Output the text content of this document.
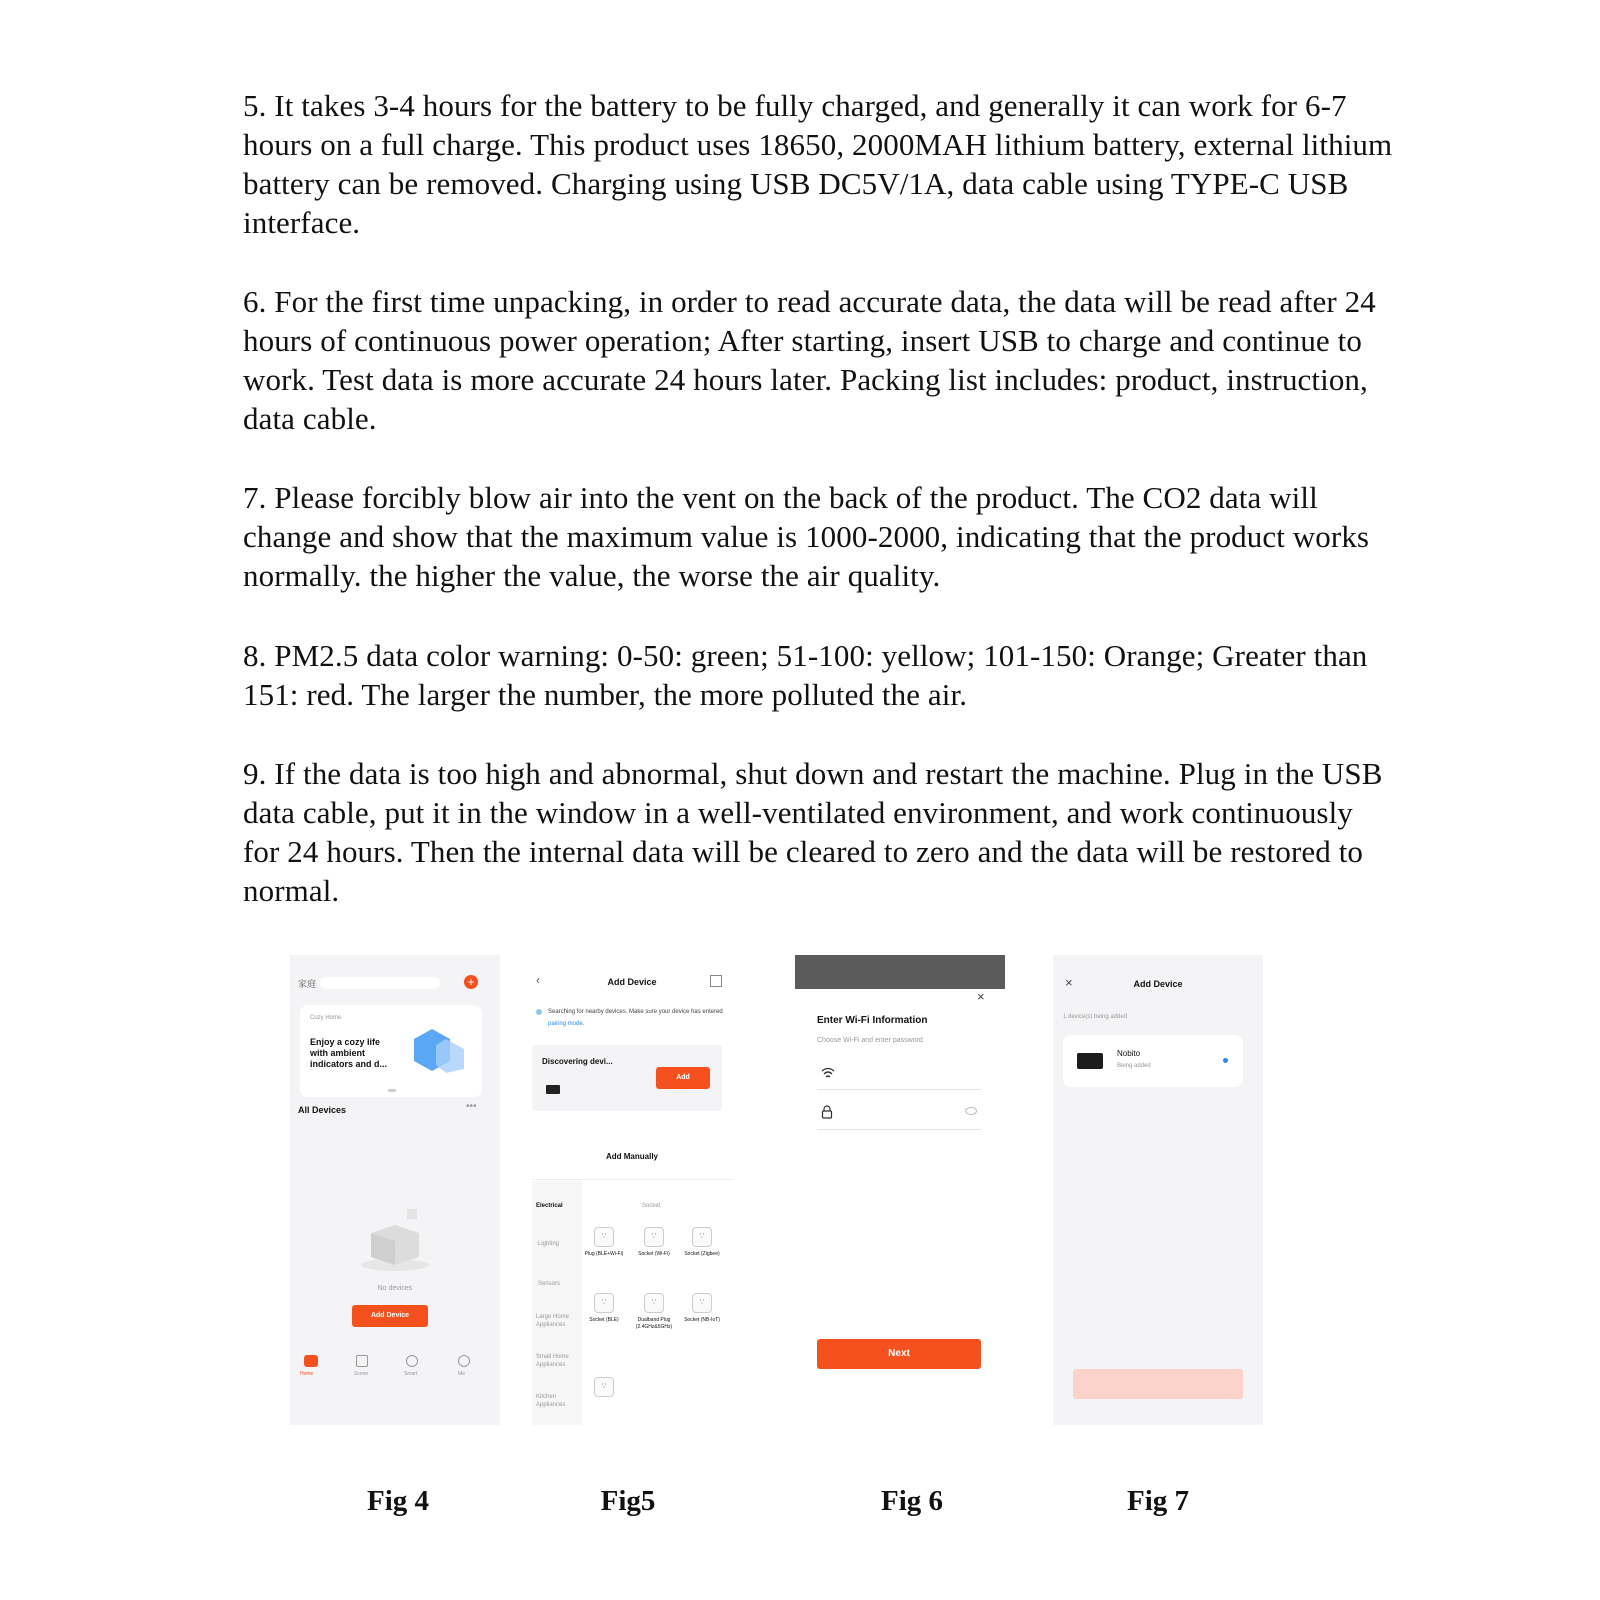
5. It takes 3-4 hours for the battery to be fully charged, and generally it can work for 6-7 hours on a full charge. This product uses 18650, 2000MAH lithium battery, external lithium battery can be removed. Charging using USB DC5V/1A, data cable using TYPE-C USB interface.

6. For the first time unpacking, in order to read accurate data, the data will be read after 24 hours of continuous power operation; After starting, insert USB to charge and continue to work. Test data is more accurate 24 hours later. Packing list includes: product, instruction, data cable.

7. Please forcibly blow air into the vent on the back of the product. The CO2 data will change and show that the maximum value is 1000-2000, indicating that the product works normally. the higher the value, the worse the air quality.

8. PM2.5 data color warning: 0-50: green; 51-100: yellow; 101-150: Orange; Greater than 151: red. The larger the number, the more polluted the air.

9. If the data is too high and abnormal, shut down and restart the machine. Plug in the USB data cable, put it in the window in a well-ventilated environment, and work continuously for 24 hours. Then the internal data will be cleared to zero and the data will be restored to normal.

家庭	+
Cozy Home
Enjoy a cozy life with ambient indicators and d...
All Devices	•••
No devices
Add Device
Home	Scene	Smart	Me
‹	Add Device
Searching for nearby devices. Make sure your device has entered pairing mode.
Discovering devi...
Add
Add Manually
Electrical
Lighting
Sensors
Large Home Appliances
Small Home Appliances
Kitchen Appliances
Socket
∵	∵	∵
Plug (BLE+Wi-Fi)	Socket (Wi-Fi)	Socket (Zigbee)
∵	∵	∵
Socket (BLE)	Dualband Plug (2.4GHz&5GHz)
Socket (NB-IoT)
∵
×
Enter Wi-Fi Information
Choose Wi-Fi and enter password
Next
×	Add Device
1 device(s) being added
Nobito
Being added
Fig 4	Fig5	Fig 6	Fig 7
